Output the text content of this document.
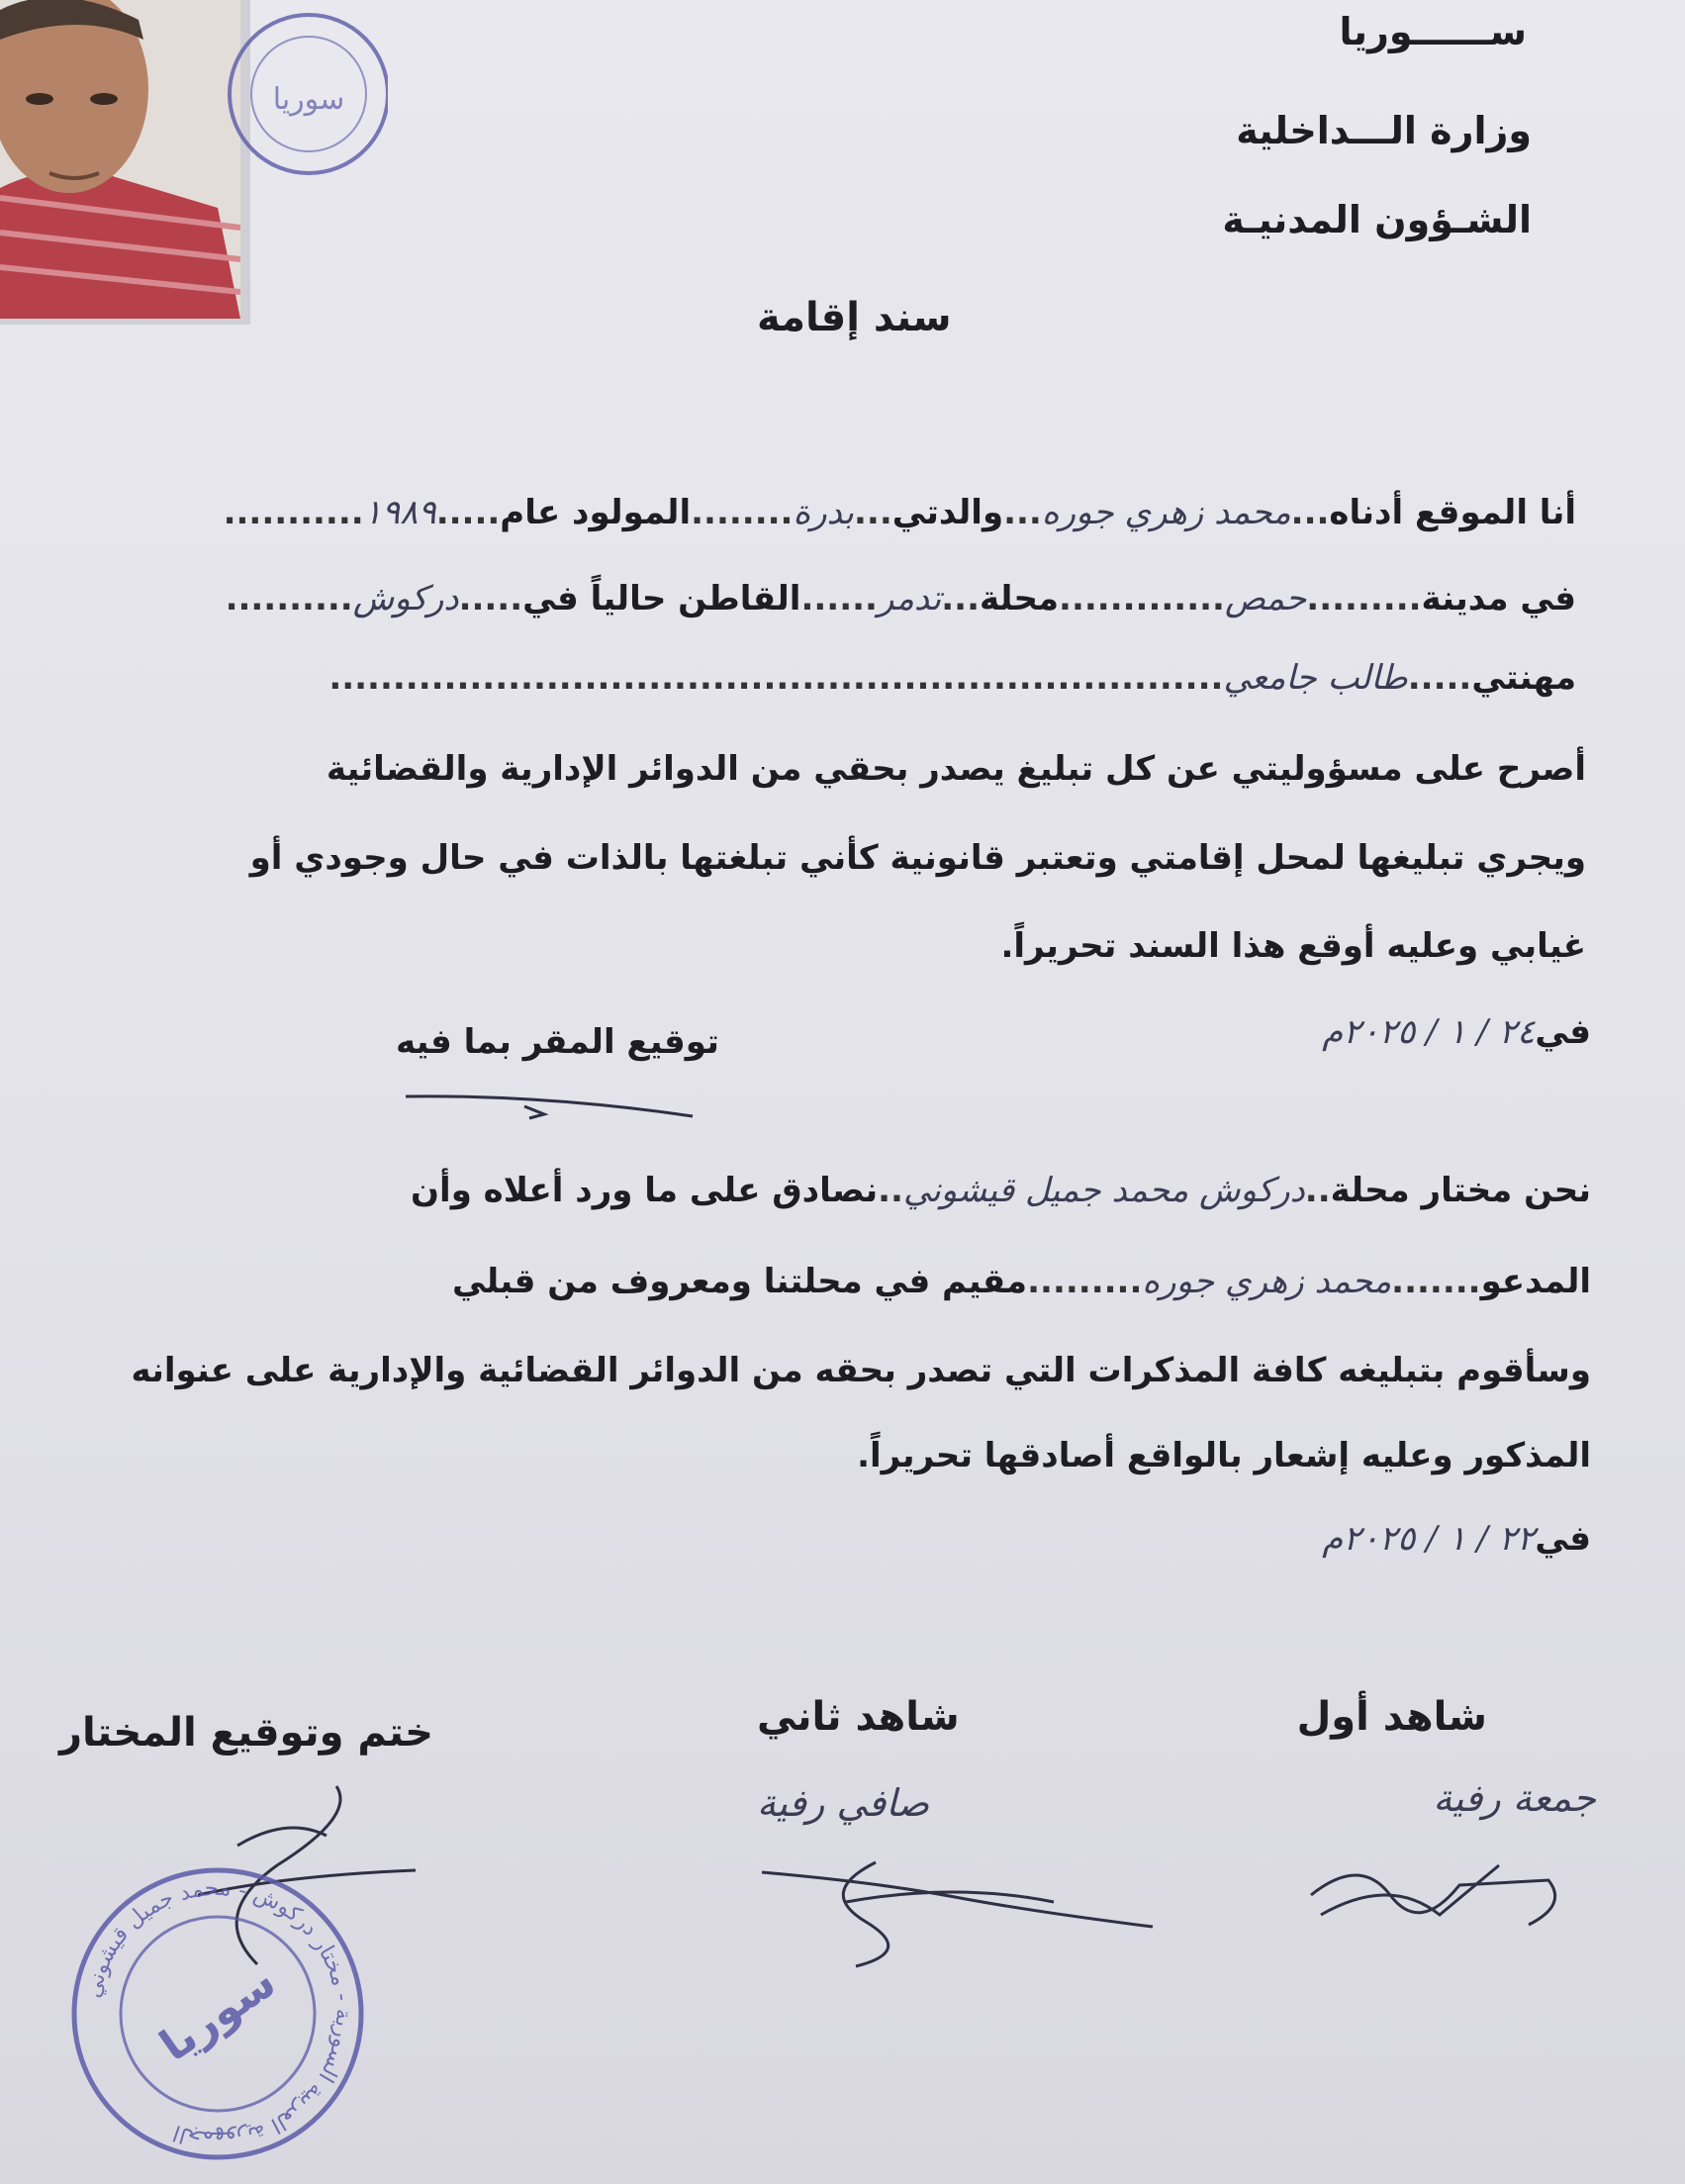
سوريا
ســــــوريا
وزارة الـــداخلية
الشـؤون المدنيـة
سند إقامة
أنا الموقع أدناه...محمد زهري جوره...والدتي...بدرة........المولود عام.....١٩٨٩...........
في مدينة.........حمص.............محلة...تدمر......القاطن حالياً في.....دركوش..........
مهنتي.....طالب جامعي......................................................................
أصرح على مسؤوليتي عن كل تبليغ يصدر بحقي من الدوائر الإدارية والقضائية
ويجري تبليغها لمحل إقامتي وتعتبر قانونية كأني تبلغتها بالذات في حال وجودي أو
غيابي وعليه أوقع هذا السند تحريراً.
في٢٤ / ١ / ٢٠٢٥م
توقيع المقر بما فيه
نحن مختار محلة..دركوش محمد جميل قيشوني..نصادق على ما ورد أعلاه وأن
المدعو.......محمد زهري جوره.........مقيم في محلتنا ومعروف من قبلي
وسأقوم بتبليغه كافة المذكرات التي تصدر بحقه من الدوائر القضائية والإدارية على عنوانه
المذكور وعليه إشعار بالواقع أصادقها تحريراً.
في٢٢ / ١ / ٢٠٢٥م
شاهد أول
شاهد ثاني
ختم وتوقيع المختار
جمعة رفية
صافي رفية
الجمهورية العربية السورية - مختار دركوش - محمد جميل قيشوني
سوريا
